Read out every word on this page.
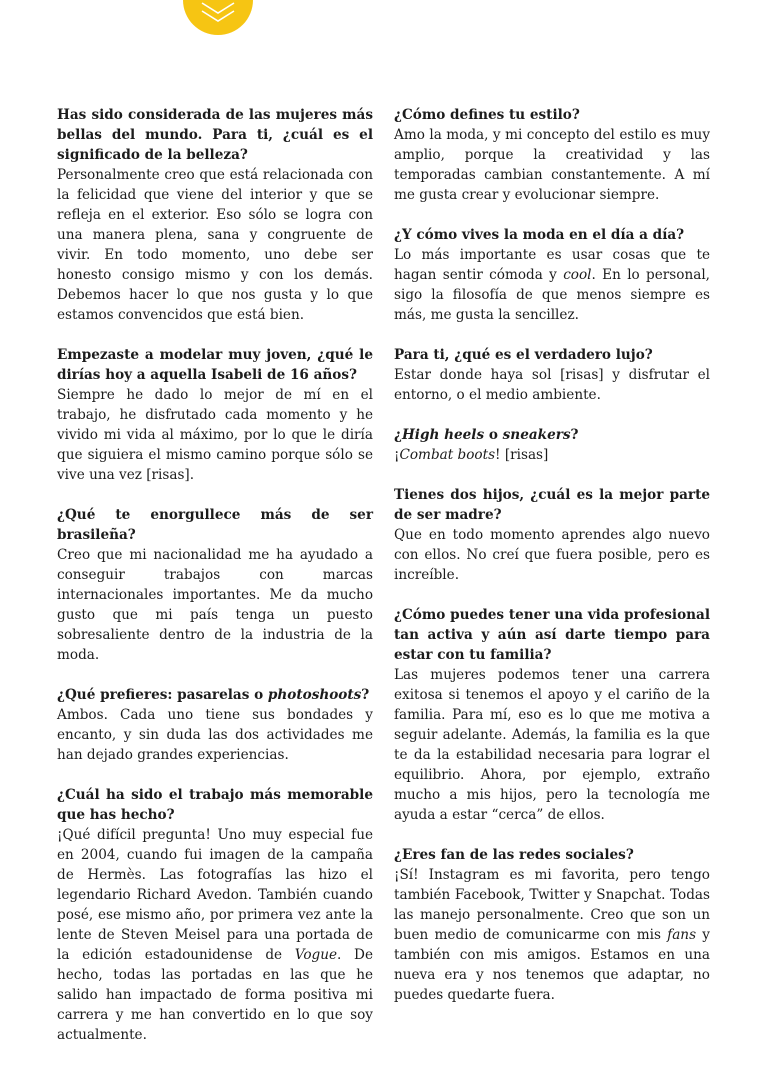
Has sido considerada de las mujeres más bellas del mundo. Para ti, ¿cuál es el significado de la belleza?

Personalmente creo que está relacionada con la felicidad que viene del interior y que se refleja en el exterior. Eso sólo se logra con una manera plena, sana y congruente de vivir. En todo momento, uno debe ser honesto consigo mismo y con los demás. Debemos hacer lo que nos gusta y lo que estamos convencidos que está bien.

Empezaste a modelar muy joven, ¿qué le dirías hoy a aquella Isabeli de 16 años?

Siempre he dado lo mejor de mí en el trabajo, he disfrutado cada momento y he vivido mi vida al máximo, por lo que le diría que siguiera el mismo camino porque sólo se vive una vez [risas].

¿Qué te enorgullece más de ser brasileña?

Creo que mi nacionalidad me ha ayudado a conseguir trabajos con marcas internacionales importantes. Me da mucho gusto que mi país tenga un puesto sobresaliente dentro de la industria de la moda.

¿Qué prefieres: pasarelas o photoshoots?

Ambos. Cada uno tiene sus bondades y encanto, y sin duda las dos actividades me han dejado grandes experiencias.

¿Cuál ha sido el trabajo más memorable que has hecho?

¡Qué difícil pregunta! Uno muy especial fue en 2004, cuando fui imagen de la campaña de Hermès. Las fotografías las hizo el legendario Richard Avedon. También cuando posé, ese mismo año, por primera vez ante la lente de Steven Meisel para una portada de la edición estadounidense de Vogue. De hecho, todas las portadas en las que he salido han impactado de forma positiva mi carrera y me han convertido en lo que soy actualmente.

¿Cómo defines tu estilo?

Amo la moda, y mi concepto del estilo es muy amplio, porque la creatividad y las temporadas cambian constantemente. A mí me gusta crear y evolucionar siempre.

¿Y cómo vives la moda en el día a día?

Lo más importante es usar cosas que te hagan sentir cómoda y cool. En lo personal, sigo la filosofía de que menos siempre es más, me gusta la sencillez.

Para ti, ¿qué es el verdadero lujo?

Estar donde haya sol [risas] y disfrutar el entorno, o el medio ambiente.

¿High heels o sneakers?

¡Combat boots! [risas]

Tienes dos hijos, ¿cuál es la mejor parte de ser madre?

Que en todo momento aprendes algo nuevo con ellos. No creí que fuera posible, pero es increíble.

¿Cómo puedes tener una vida profesional tan activa y aún así darte tiempo para estar con tu familia?

Las mujeres podemos tener una carrera exitosa si tenemos el apoyo y el cariño de la familia. Para mí, eso es lo que me motiva a seguir adelante. Además, la familia es la que te da la estabilidad necesaria para lograr el equilibrio. Ahora, por ejemplo, extraño mucho a mis hijos, pero la tecnología me ayuda a estar “cerca” de ellos.

¿Eres fan de las redes sociales?

¡Sí! Instagram es mi favorita, pero tengo también Facebook, Twitter y Snapchat. Todas las manejo personalmente. Creo que son un buen medio de comunicarme con mis fans y también con mis amigos. Estamos en una nueva era y nos tenemos que adaptar, no puedes quedarte fuera.
